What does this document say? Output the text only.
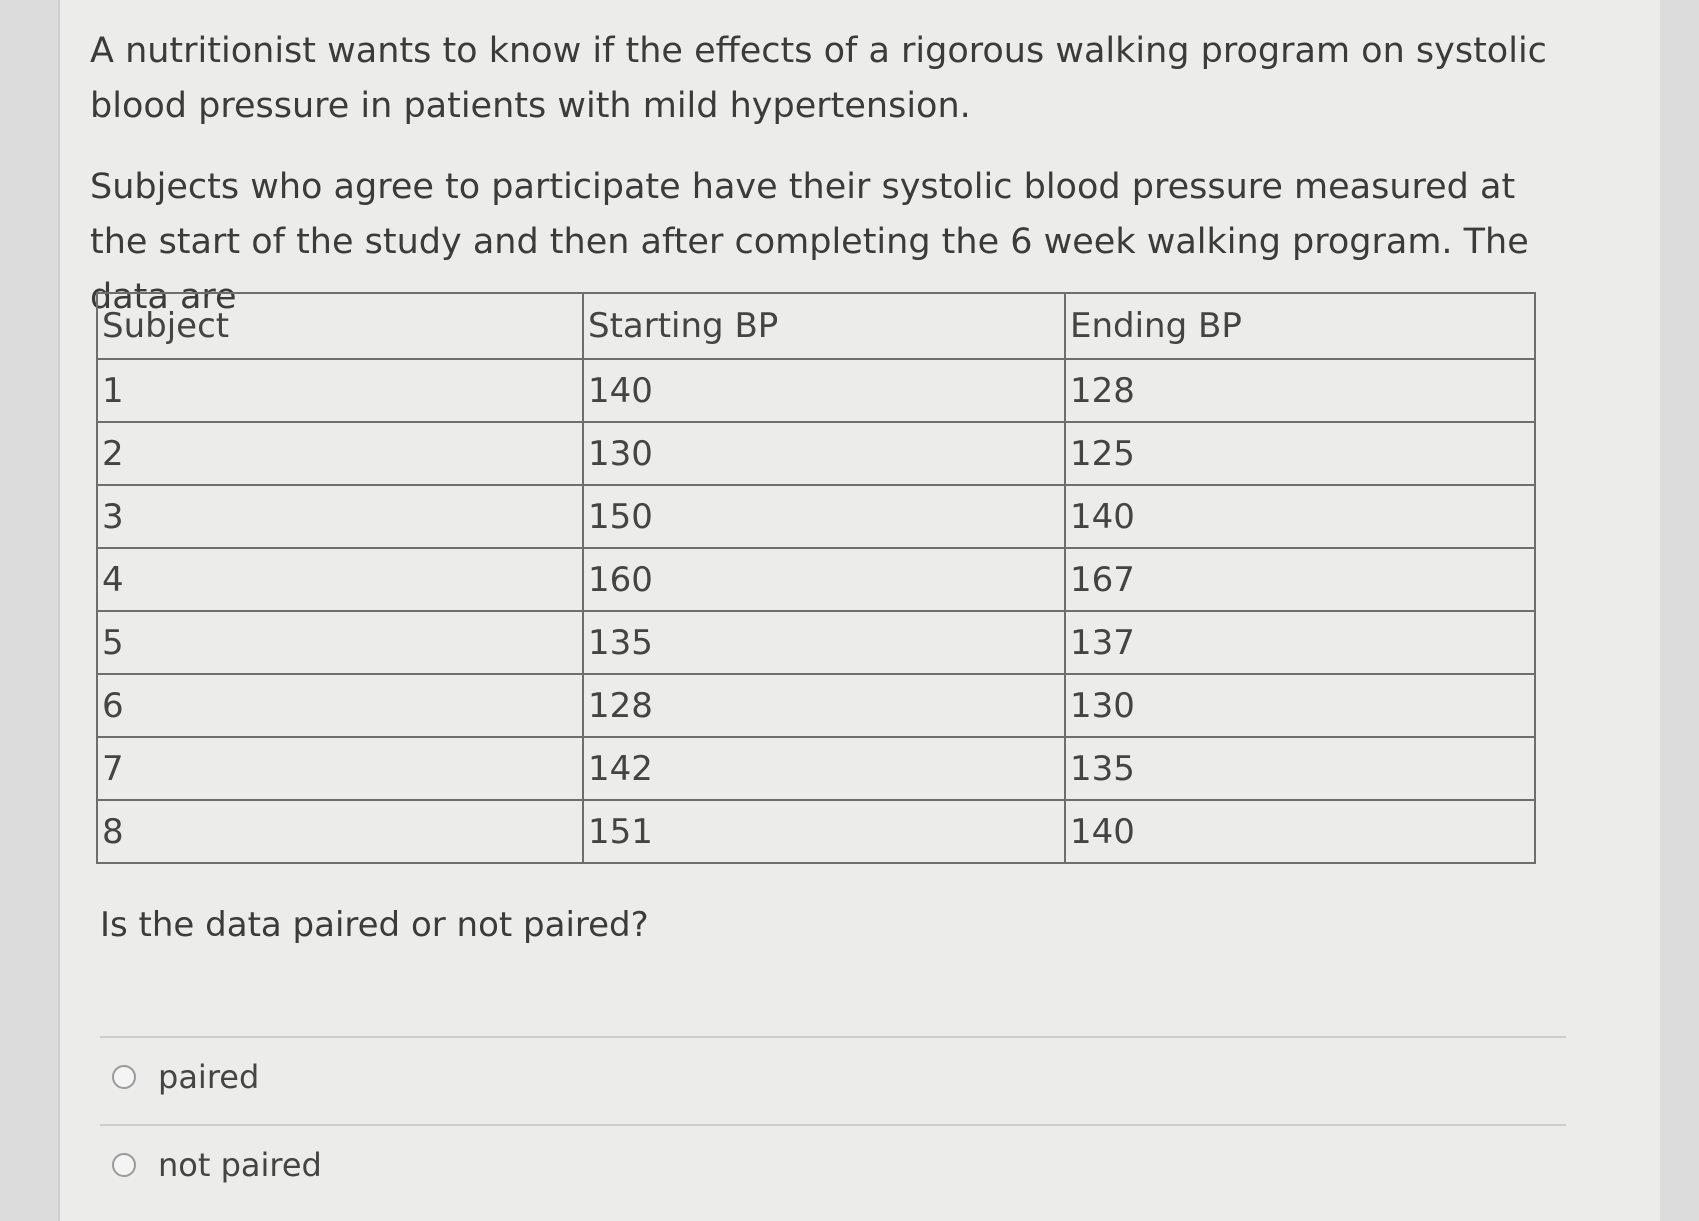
A nutritionist wants to know if the effects of a rigorous walking program on systolic blood pressure in patients with mild hypertension.

Subjects who agree to participate have their systolic blood pressure measured at the start of the study and then after completing the 6 week walking program. The data are

Subject	Starting BP	Ending BP
1	140	128
2	130	125
3	150	140
4	160	167
5	135	137
6	128	130
7	142	135
8	151	140

Is the data paired or not paired?

paired
not paired
